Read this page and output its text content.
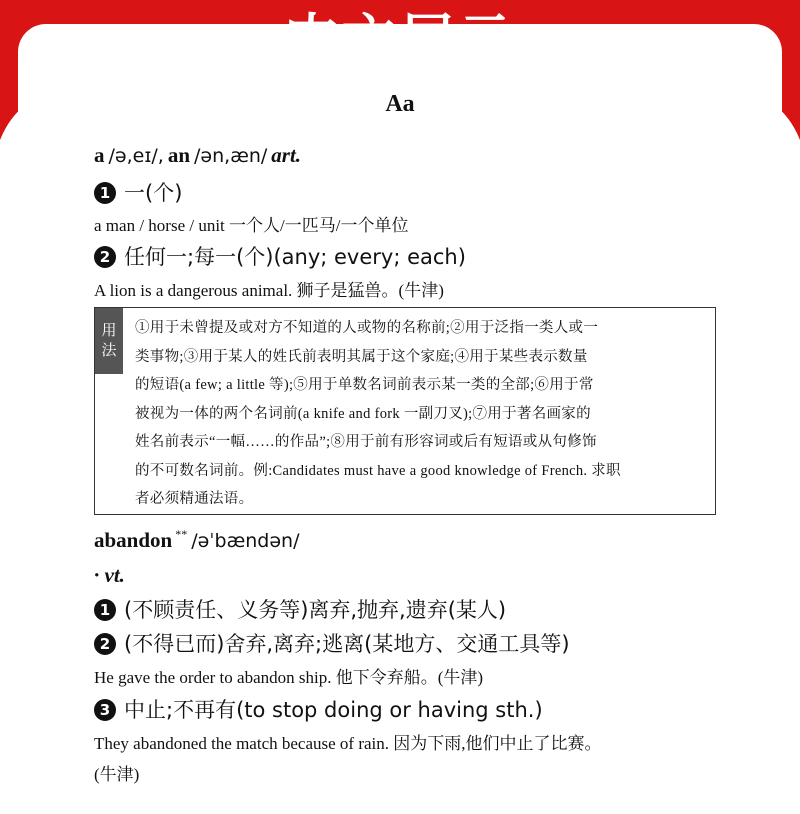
内文展示
Aa
a /ə,eɪ/, an /ən,æn/ art.
1 一(个)
a man / horse / unit 一个人/一匹马/一个单位
2 任何一;每一(个)(any; every; each)
A lion is a dangerous animal. 狮子是猛兽。(牛津)
用
法
①用于未曾提及或对方不知道的人或物的名称前;②用于泛指一类人或一
类事物;③用于某人的姓氏前表明其属于这个家庭;④用于某些表示数量
的短语(a few; a little 等);⑤用于单数名词前表示某一类的全部;⑥用于常
被视为一体的两个名词前(a knife and fork 一副刀叉);⑦用于著名画家的
姓名前表示“一幅……的作品”;⑧用于前有形容词或后有短语或从句修饰
的不可数名词前。例:Candidates must have a good knowledge of French. 求职
者必须精通法语。
abandon ** /əˈbændən/
· vt.
1 (不顾责任、义务等)离弃,抛弃,遗弃(某人)
2 (不得已而)舍弃,离弃;逃离(某地方、交通工具等)
He gave the order to abandon ship. 他下令弃船。(牛津)
3 中止;不再有(to stop doing or having sth.)
They abandoned the match because of rain. 因为下雨,他们中止了比赛。
(牛津)
